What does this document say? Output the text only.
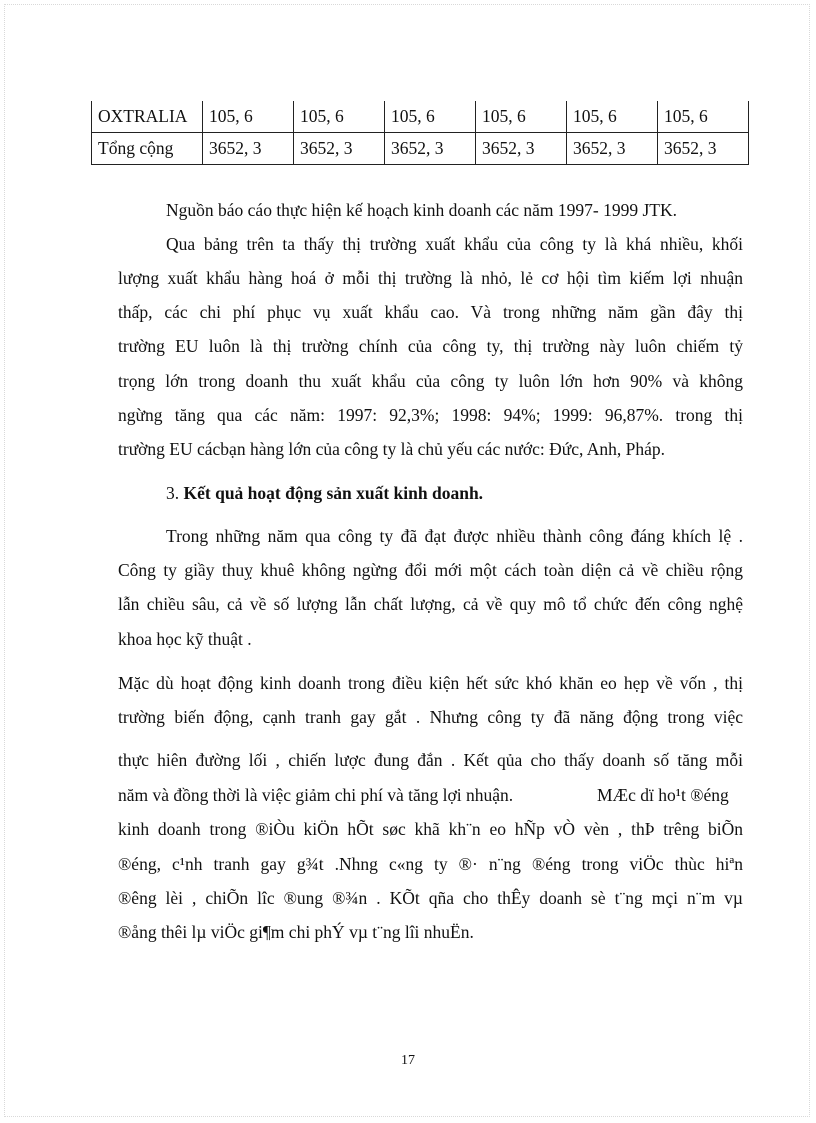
OXTRALIA	105, 6	105, 6	105, 6	105, 6	105, 6	105, 6
Tổng cộng	3652, 3	3652, 3	3652, 3	3652, 3	3652, 3	3652, 3
Nguồn báo cáo thực hiện kế hoạch kinh doanh các năm 1997- 1999 JTK.
Qua bảng trên ta thấy thị trường xuất khẩu của công ty là khá nhiều, khối
lượng xuất khẩu hàng hoá ở mỗi thị trường là nhỏ, lẻ cơ hội tìm kiếm lợi nhuận
thấp, các chi phí phục vụ xuất khẩu cao. Và trong những năm gần đây thị
trường EU luôn là thị trường chính của công ty, thị trường này luôn chiếm tỷ
trọng lớn trong doanh thu xuất khẩu của công ty luôn lớn hơn 90% và không
ngừng tăng qua các năm: 1997: 92,3%; 1998: 94%; 1999: 96,87%. trong thị
trường EU cácbạn hàng lớn của công ty là chủ yếu các nước: Đức, Anh, Pháp.
3. Kết quả hoạt động sản xuất kinh doanh.
Trong những năm qua công ty đã đạt được nhiều thành công đáng khích lệ .
Công ty giầy thuỵ khuê không ngừng đổi mới một cách toàn diện cả về chiều rộng
lẫn chiều sâu, cả về số lượng lẫn chất lượng, cả về quy mô tổ chức đến công nghệ
khoa học kỹ thuật .
Mặc dù hoạt động kinh doanh trong điều kiện hết sức khó khăn eo hẹp về vốn , thị
trường biến động, cạnh tranh gay gắt . Nhưng công ty đã năng động trong việc
thực hiên đường lối , chiến lược đung đắn . Kết qủa cho thấy doanh số tăng mỗi
năm và đồng thời là việc giảm chi phí và tăng lợi nhuận.	MÆc dï ho¹t ®éng
kinh doanh trong ®iÒu kiÖn hÕt søc khã kh¨n eo hÑp vÒ vèn , thÞ trêng biÕn
®éng, c¹nh tranh gay g¾t .Nhng c«ng ty ®· n¨ng ®éng trong viÖc thùc hiªn
®êng lèi , chiÕn lîc ®ung ®¾n . KÕt qña cho thÊy doanh sè t¨ng mçi n¨m vµ
®ång thêi lµ viÖc gi¶m chi phÝ vµ t¨ng lîi nhuËn.
17
